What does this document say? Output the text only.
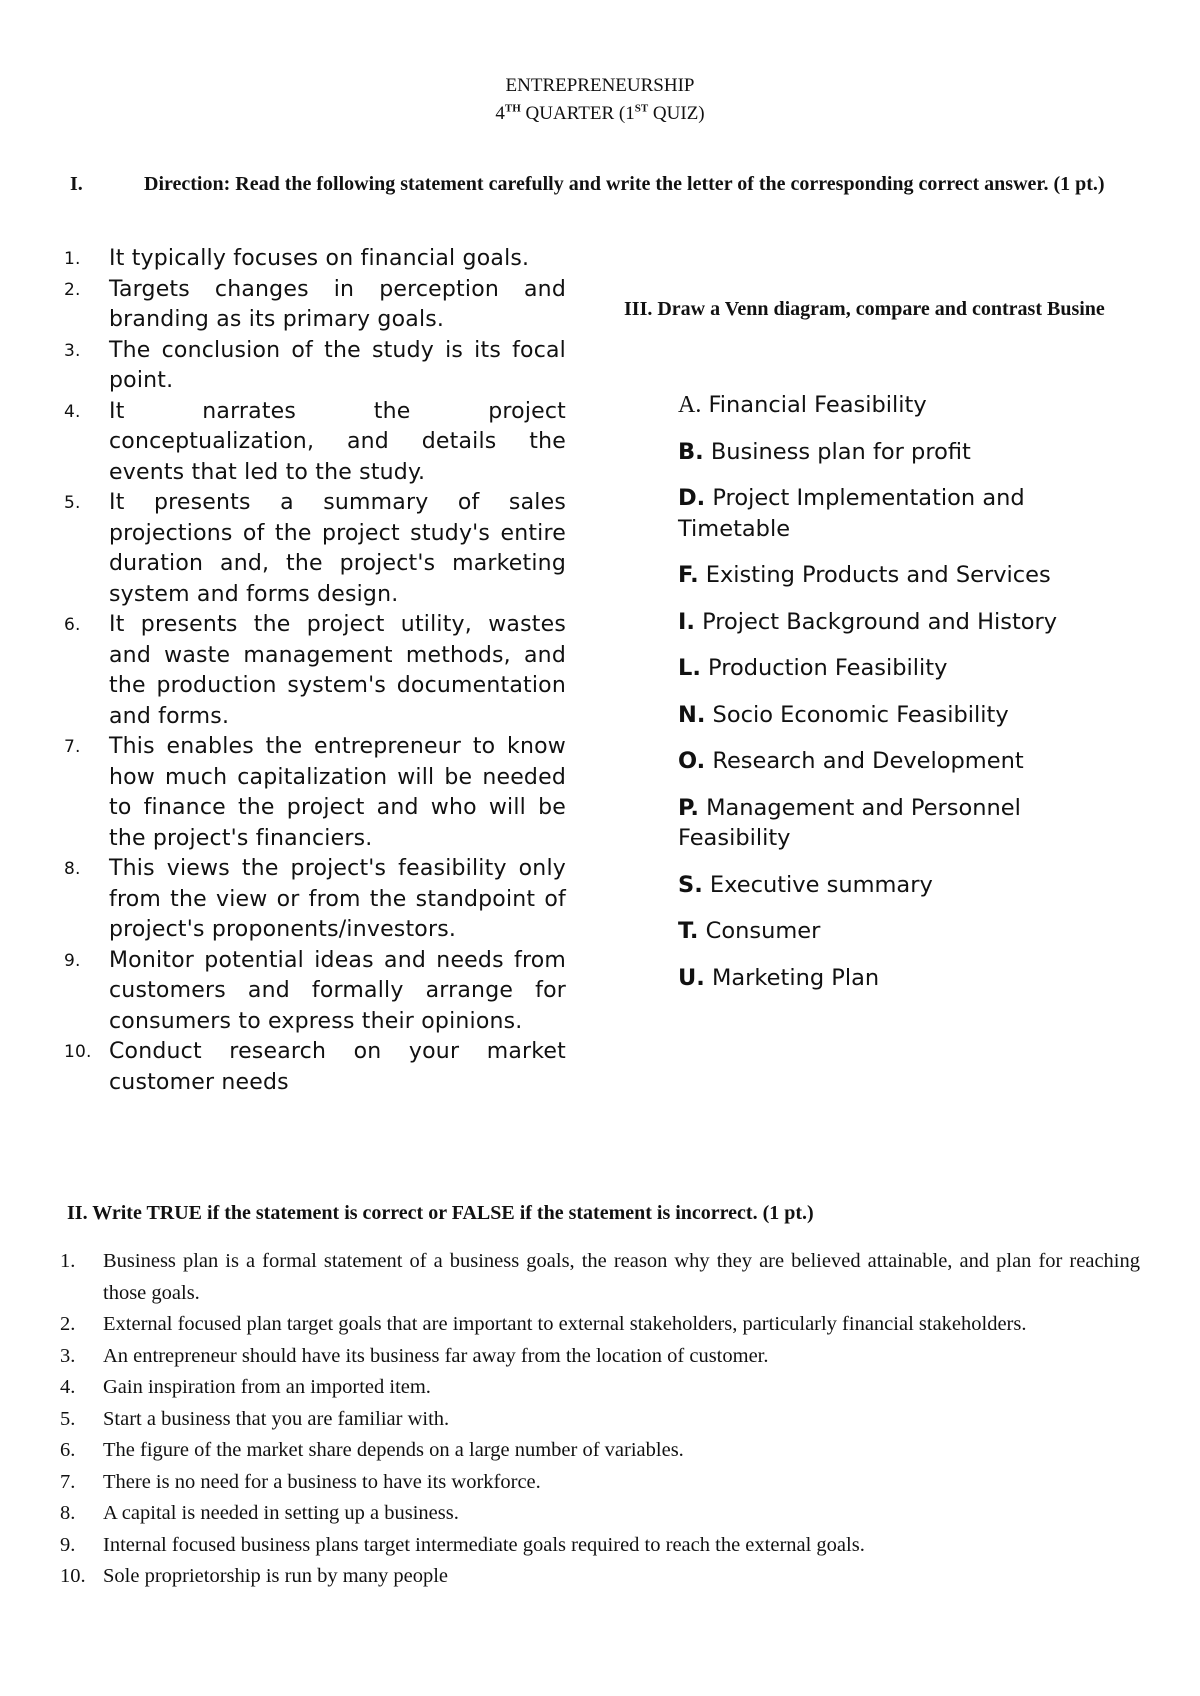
ENTREPRENEURSHIP
4TH QUARTER (1ST QUIZ)
I.	Direction: Read the following statement carefully and write the letter of the corresponding correct answer. (1 pt.)
1.	It typically focuses on financial goals.
2.	Targets changes in perception and branding as its primary goals.
3.	The conclusion of the study is its focal point.
4.	It narrates the project conceptualization, and details the events that led to the study.
5.	It presents a summary of sales projections of the project study's entire duration and, the project's marketing system and forms design.
6.	It presents the project utility, wastes and waste management methods, and the production system's documentation and forms.
7.	This enables the entrepreneur to know how much capitalization will be needed to finance the project and who will be the project's financiers.
8.	This views the project's feasibility only from the view or from the standpoint of project's proponents/investors.
9.	Monitor potential ideas and needs from customers and formally arrange for consumers to express their opinions.
10. Conduct research on your market customer needs
III. Draw a Venn diagram, compare and contrast Busine
A. Financial Feasibility
B. Business plan for profit
D. Project Implementation and Timetable
F. Existing Products and Services
I. Project Background and History
L. Production Feasibility
N. Socio Economic Feasibility
O. Research and Development
P. Management and Personnel Feasibility
S. Executive summary
T. Consumer
U. Marketing Plan
II. Write TRUE if the statement is correct or FALSE if the statement is incorrect. (1 pt.)
1.	Business plan is a formal statement of a business goals, the reason why they are believed attainable, and plan for reaching those goals.
2.	External focused plan target goals that are important to external stakeholders, particularly financial stakeholders.
3.	An entrepreneur should have its business far away from the location of customer.
4.	Gain inspiration from an imported item.
5.	Start a business that you are familiar with.
6.	The figure of the market share depends on a large number of variables.
7.	There is no need for a business to have its workforce.
8.	A capital is needed in setting up a business.
9.	Internal focused business plans target intermediate goals required to reach the external goals.
10. Sole proprietorship is run by many people
